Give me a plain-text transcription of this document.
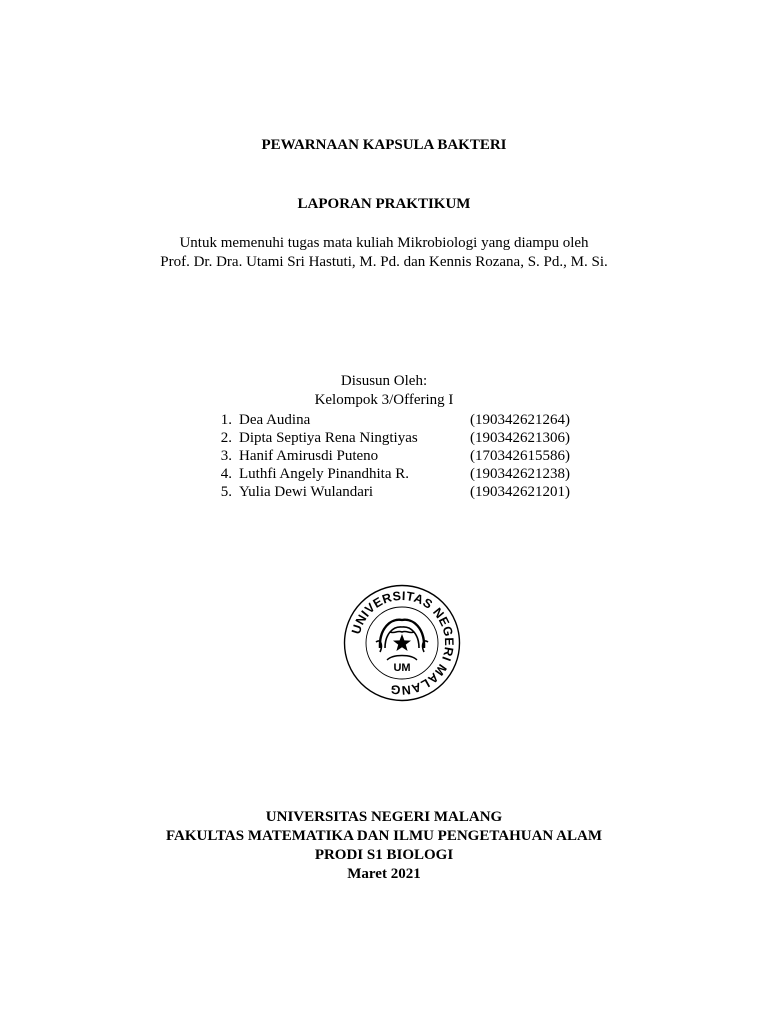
PEWARNAAN KAPSULA BAKTERI
LAPORAN PRAKTIKUM
Untuk memenuhi tugas mata kuliah Mikrobiologi yang diampu oleh
Prof. Dr. Dra. Utami Sri Hastuti, M. Pd. dan Kennis Rozana, S. Pd., M. Si.
Disusun Oleh:
Kelompok 3/Offering I
1. Dea Audina	(190342621264)
2. Dipta Septiya Rena Ningtiyas	(190342621306)
3. Hanif Amirusdi Puteno	(170342615586)
4. Luthfi Angely Pinandhita R.	(190342621238)
5. Yulia Dewi Wulandari	(190342621201)
UNIVERSITAS NEGERI MALANG
UM
UNIVERSITAS NEGERI MALANG
FAKULTAS MATEMATIKA DAN ILMU PENGETAHUAN ALAM
PRODI S1 BIOLOGI
Maret 2021
